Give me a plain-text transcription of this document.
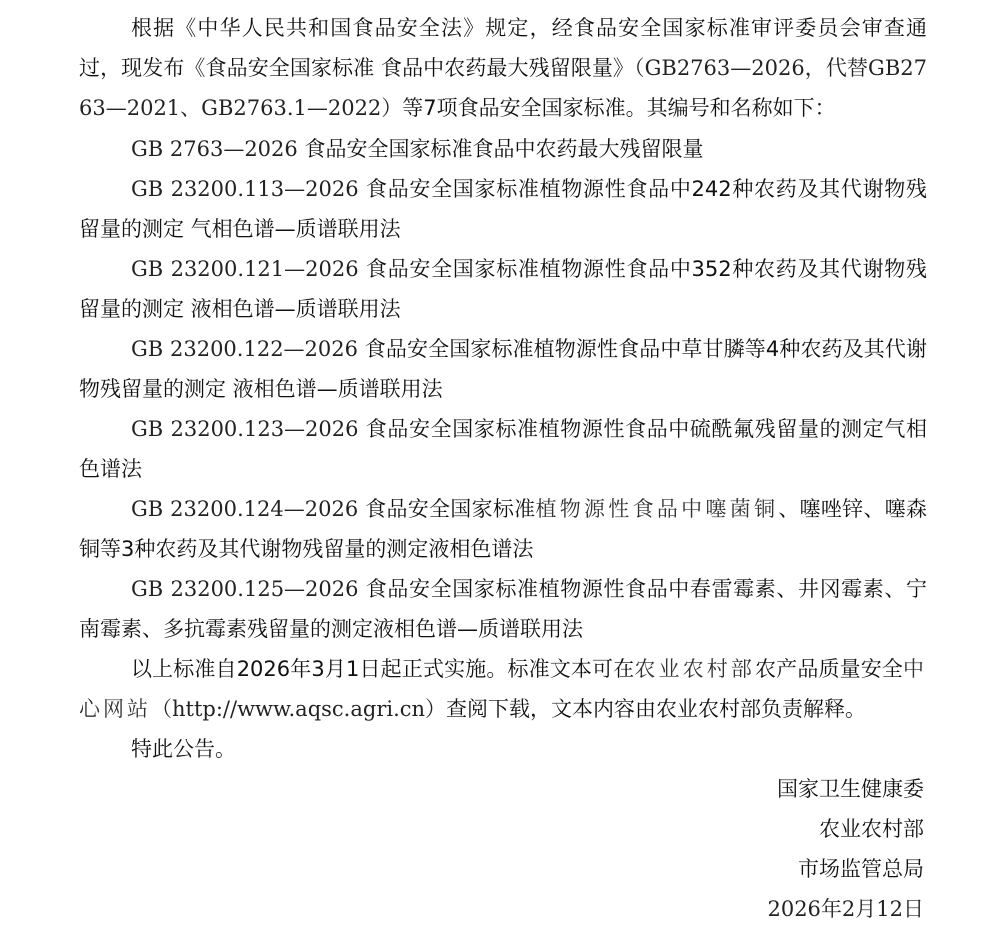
根据《中华人民共和国食品安全法》规定，经食品安全国家标准审评委员会审查通过，现发布《食品安全国家标准 食品中农药最大残留限量》（GB2763—2026，代替GB2763—2021、GB2763.1—2022）等7项食品安全国家标准。其编号和名称如下：

GB 2763—2026 食品安全国家标准食品中农药最大残留限量

GB 23200.113—2026 食品安全国家标准植物源性食品中242种农药及其代谢物残留量的测定 气相色谱—质谱联用法

GB 23200.121—2026 食品安全国家标准植物源性食品中352种农药及其代谢物残留量的测定 液相色谱—质谱联用法

GB 23200.122—2026 食品安全国家标准植物源性食品中草甘膦等4种农药及其代谢物残留量的测定 液相色谱—质谱联用法

GB 23200.123—2026 食品安全国家标准植物源性食品中硫酰氟残留量的测定气相色谱法

GB 23200.124—2026 食品安全国家标准植物源性食品中噻菌铜、噻唑锌、噻森铜等3种农药及其代谢物残留量的测定液相色谱法

GB 23200.125—2026 食品安全国家标准植物源性食品中春雷霉素、井冈霉素、宁南霉素、多抗霉素残留量的测定液相色谱—质谱联用法

以上标准自2026年3月1日起正式实施。标准文本可在农业农村部农产品质量安全中心网站（http://www.aqsc.agri.cn）查阅下载，文本内容由农业农村部负责解释。

特此公告。

国家卫生健康委

农业农村部

市场监管总局

2026年2月12日
